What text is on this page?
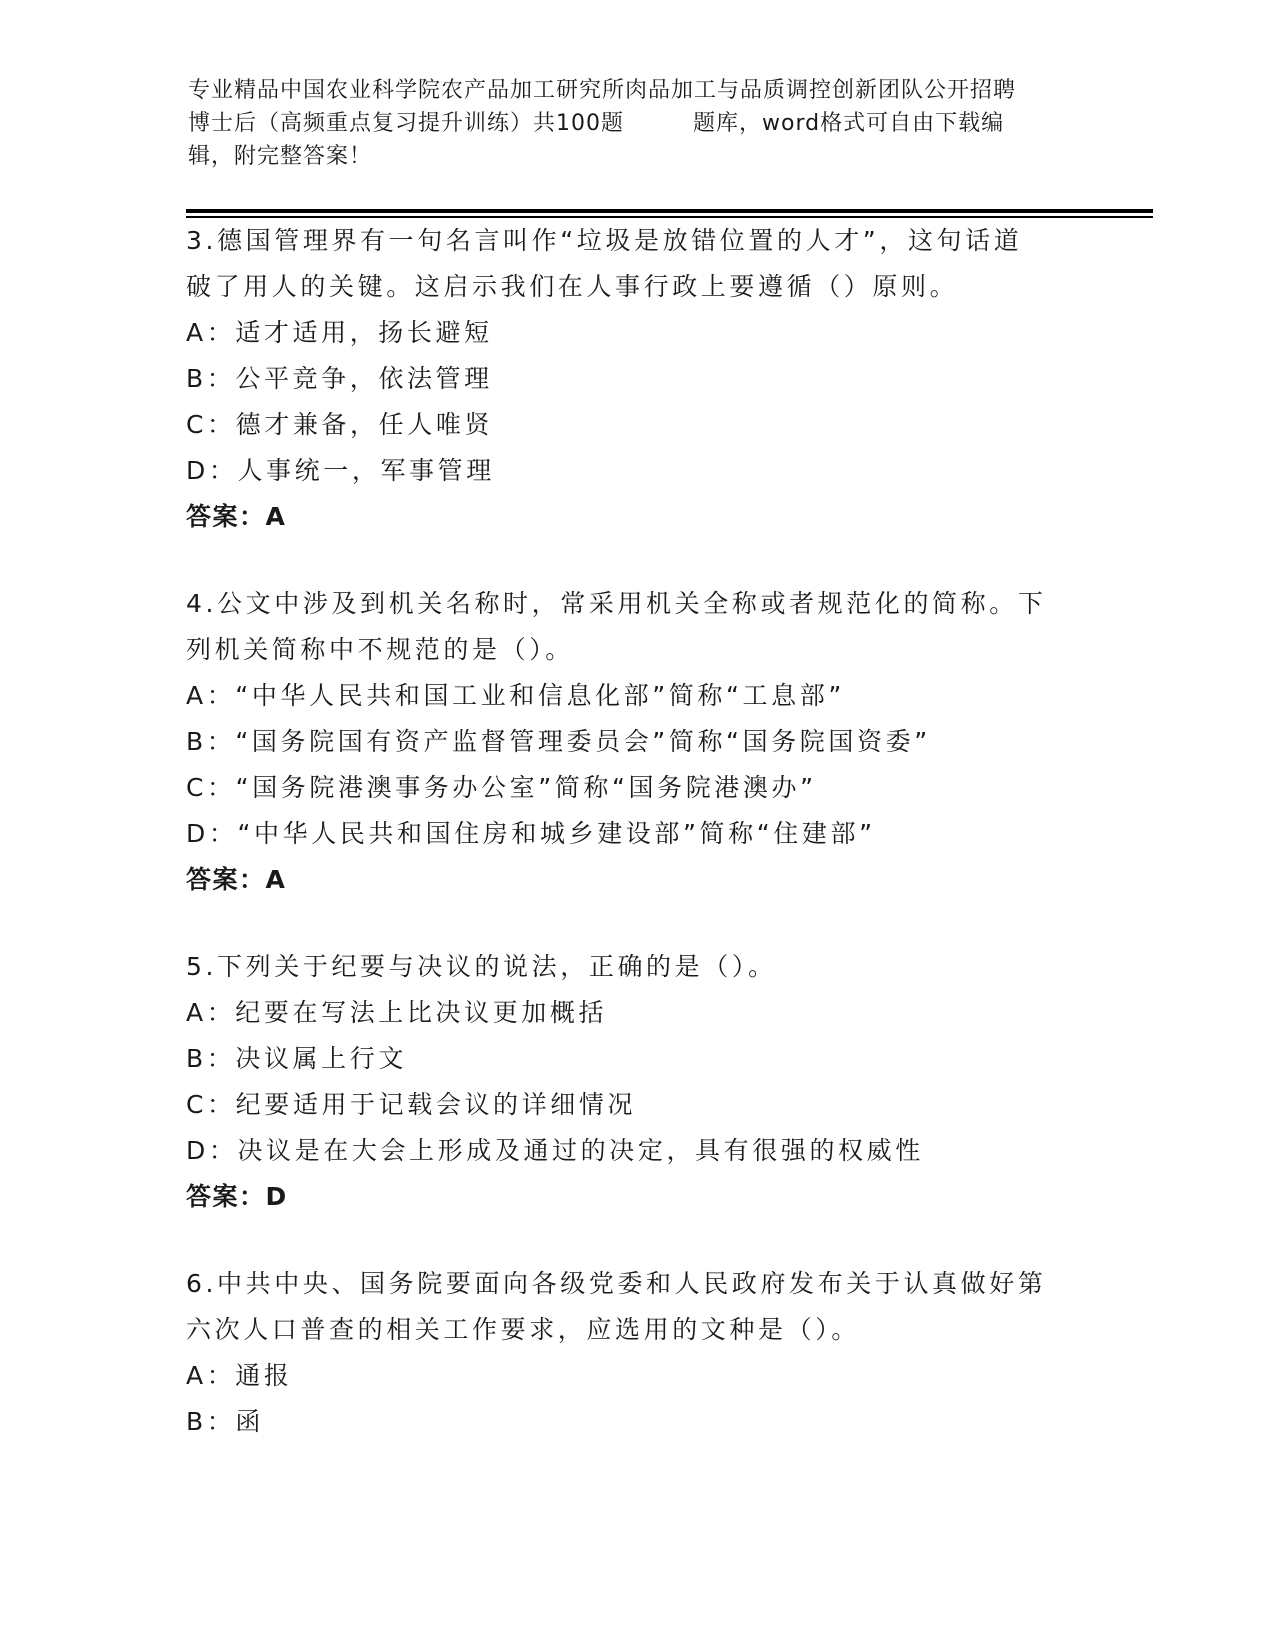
专业精品中国农业科学院农产品加工研究所肉品加工与品质调控创新团队公开招聘
博士后（高频重点复习提升训练）共100题　　　题库，word格式可自由下载编
辑，附完整答案！
3.德国管理界有一句名言叫作“垃圾是放错位置的人才”，这句话道
破了用人的关键。这启示我们在人事行政上要遵循（）原则。
A：适才适用，扬长避短
B：公平竞争，依法管理
C：德才兼备，任人唯贤
D：人事统一，军事管理
答案：A
4.公文中涉及到机关名称时，常采用机关全称或者规范化的简称。下
列机关简称中不规范的是（）。
A：“中华人民共和国工业和信息化部”简称“工息部”
B：“国务院国有资产监督管理委员会”简称“国务院国资委”
C：“国务院港澳事务办公室”简称“国务院港澳办”
D：“中华人民共和国住房和城乡建设部”简称“住建部”
答案：A
5.下列关于纪要与决议的说法，正确的是（）。
A：纪要在写法上比决议更加概括
B：决议属上行文
C：纪要适用于记载会议的详细情况
D：决议是在大会上形成及通过的决定，具有很强的权威性
答案：D
6.中共中央、国务院要面向各级党委和人民政府发布关于认真做好第
六次人口普查的相关工作要求，应选用的文种是（）。
A：通报
B：函
